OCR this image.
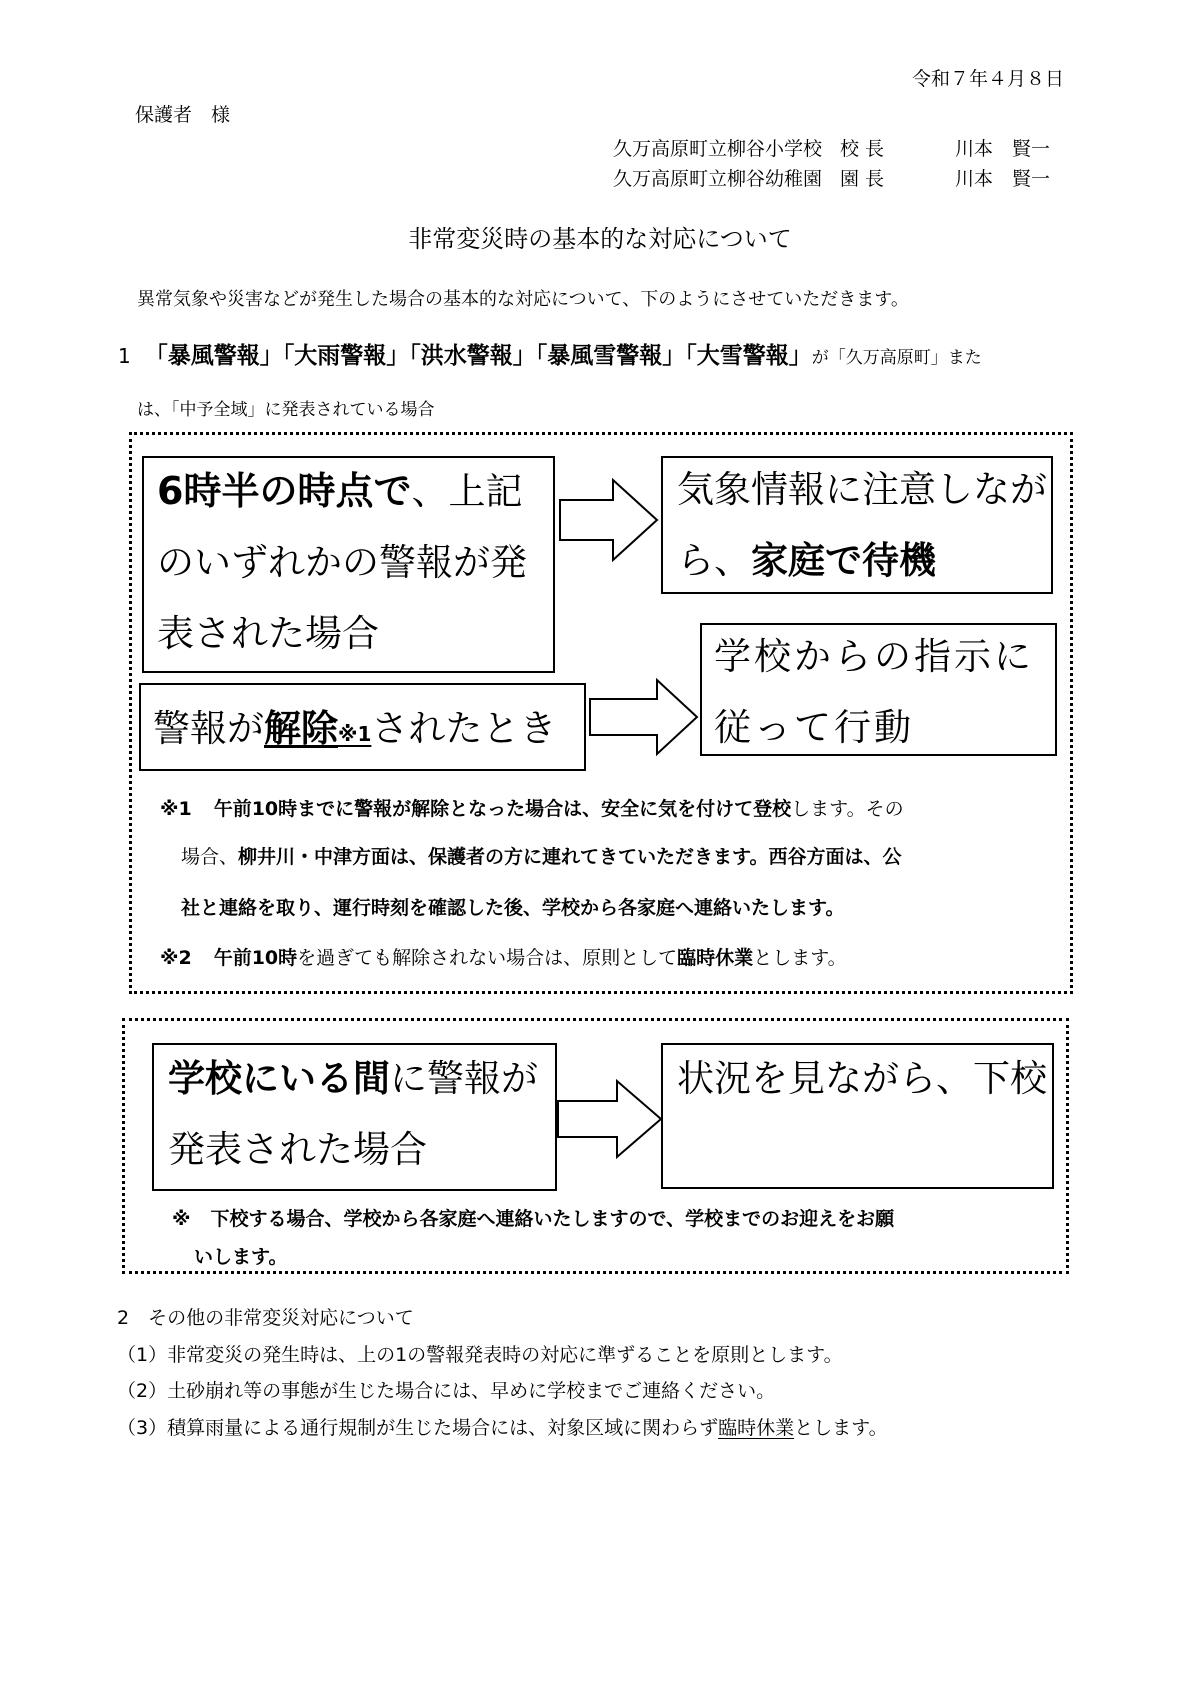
令和７年４月８日
保護者　様
久万高原町立柳谷小学校 校 長	川本　賢一
久万高原町立柳谷幼稚園 園 長	川本　賢一
非常変災時の基本的な対応について
異常気象や災害などが発生した場合の基本的な対応について、下のようにさせていただきます。
1 「暴風警報」「大雨警報」「洪水警報」「暴風雪警報」「大雪警報」が「久万高原町」また
は、「中予全域」に発表されている場合
6時半の時点で、上記のいずれかの警報が発表された場合
気象情報に注意しながら、家庭で待機
学校からの指示に従って行動
警報が解除※1されたとき
※1 午前10時までに警報が解除となった場合は、安全に気を付けて登校します。その
場合、柳井川・中津方面は、保護者の方に連れてきていただきます。西谷方面は、公
社と連絡を取り、運行時刻を確認した後、学校から各家庭へ連絡いたします。
※2 午前10時を過ぎても解除されない場合は、原則として臨時休業とします。
学校にいる間に警報が発表された場合
状況を見ながら、下校
※ 下校する場合、学校から各家庭へ連絡いたしますので、学校までのお迎えをお願
いします。
2　その他の非常変災対応について
（1）非常変災の発生時は、上の1の警報発表時の対応に準ずることを原則とします。
（2）土砂崩れ等の事態が生じた場合には、早めに学校までご連絡ください。
（3）積算雨量による通行規制が生じた場合には、対象区域に関わらず臨時休業とします。
